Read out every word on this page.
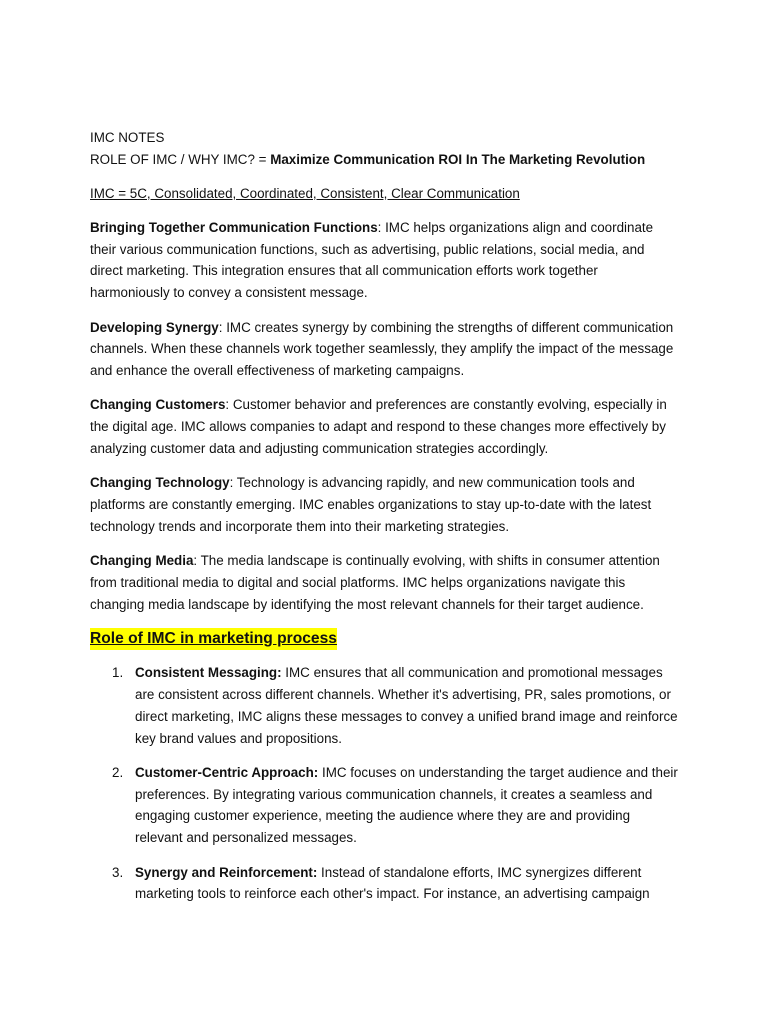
IMC NOTES

ROLE OF IMC / WHY IMC? = Maximize Communication ROI In The Marketing Revolution

IMC = 5C, Consolidated, Coordinated, Consistent, Clear Communication

Bringing Together Communication Functions: IMC helps organizations align and coordinate their various communication functions, such as advertising, public relations, social media, and direct marketing. This integration ensures that all communication efforts work together harmoniously to convey a consistent message.

Developing Synergy: IMC creates synergy by combining the strengths of different communication channels. When these channels work together seamlessly, they amplify the impact of the message and enhance the overall effectiveness of marketing campaigns.

Changing Customers: Customer behavior and preferences are constantly evolving, especially in the digital age. IMC allows companies to adapt and respond to these changes more effectively by analyzing customer data and adjusting communication strategies accordingly.

Changing Technology: Technology is advancing rapidly, and new communication tools and platforms are constantly emerging. IMC enables organizations to stay up-to-date with the latest technology trends and incorporate them into their marketing strategies.

Changing Media: The media landscape is continually evolving, with shifts in consumer attention from traditional media to digital and social platforms. IMC helps organizations navigate this changing media landscape by identifying the most relevant channels for their target audience.

Role of IMC in marketing process
1. Consistent Messaging: IMC ensures that all communication and promotional messages are consistent across different channels. Whether it's advertising, PR, sales promotions, or direct marketing, IMC aligns these messages to convey a unified brand image and reinforce key brand values and propositions.
2. Customer-Centric Approach: IMC focuses on understanding the target audience and their preferences. By integrating various communication channels, it creates a seamless and engaging customer experience, meeting the audience where they are and providing relevant and personalized messages.
3. Synergy and Reinforcement: Instead of standalone efforts, IMC synergizes different marketing tools to reinforce each other's impact. For instance, an advertising campaign
